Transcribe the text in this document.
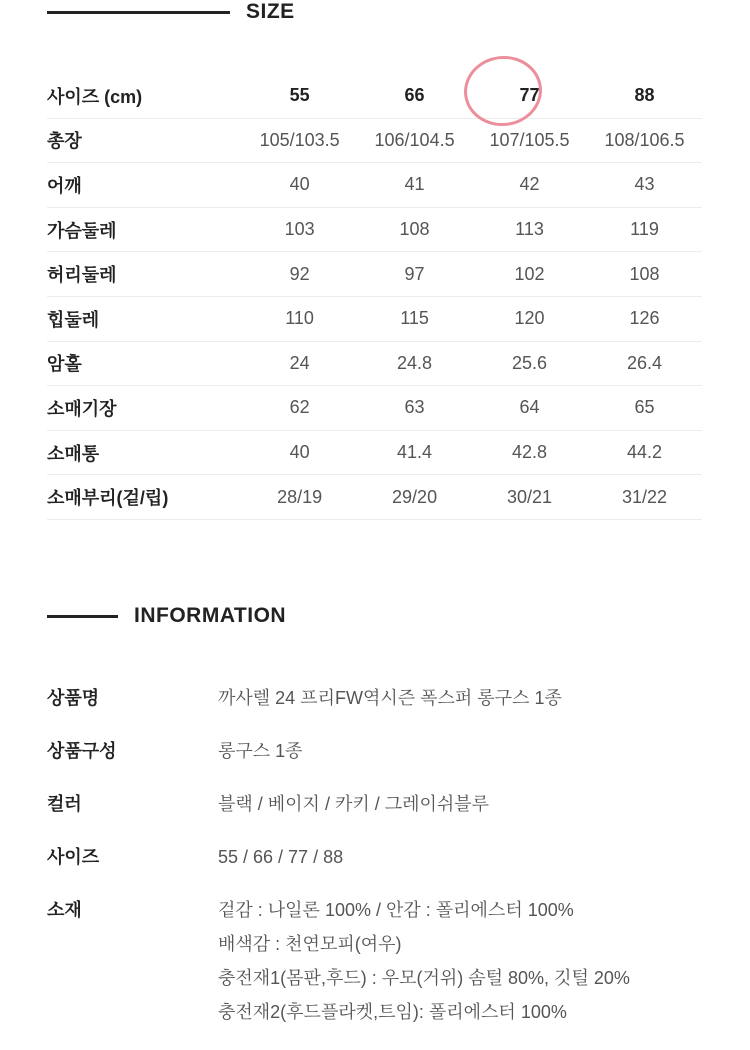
SIZE
사이즈 (cm)	55	66	77	88
총장	105/103.5	106/104.5	107/105.5	108/106.5
어깨	40	41	42	43
가슴둘레	103	108	113	119
허리둘레	92	97	102	108
힙둘레	110	115	120	126
암홀	24	24.8	25.6	26.4
소매기장	62	63	64	65
소매통	40	41.4	42.8	44.2
소매부리(겉/립)	28/19	29/20	30/21	31/22
INFORMATION
상품명	까사렐 24 프리FW역시즌 폭스퍼 롱구스 1종
상품구성	롱구스 1종
컬러	블랙 / 베이지 / 카키 / 그레이쉬블루
사이즈	55 / 66 / 77 / 88
소재	겉감 : 나일론 100% / 안감 : 폴리에스터 100%
배색감 : 천연모피(여우)
충전재1(몸판,후드) : 우모(거위) 솜털 80%, 깃털 20%
충전재2(후드플라켓,트임): 폴리에스터 100%
